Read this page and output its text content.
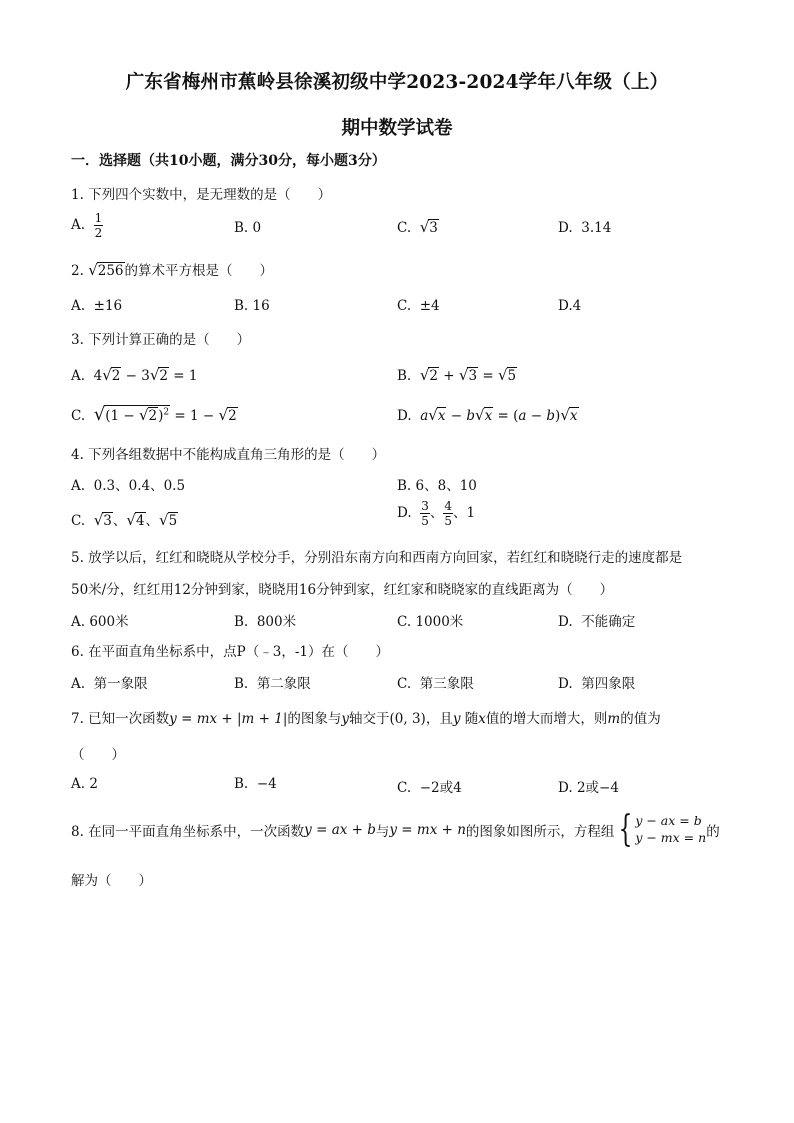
广东省梅州市蕉岭县徐溪初级中学2023-2024学年八年级（上）
期中数学试卷
一．选择题（共10小题，满分30分，每小题3分）
1. 下列四个实数中，是无理数的是（　　）
A. $\frac{1}{2}$	B. 0	C. √3	D. 3.14
2. √256的算术平方根是（　　）
A. ±16	B. 16	C. ±4	D.4
3. 下列计算正确的是（　　）
A.  4√2 − 3√2 = 1	B. √2 + √3 = √5
C. $√(1 - √2)^2 = 1 - √2$	D. a√x − b√x = (a − b)√x
4. 下列各组数据中不能构成直角三角形的是（　　）
A. 0.3、0.4、0.5	B. 6、8、10
C. √3、√4、√5	D. $\frac{3}{5}$ 、 $\frac{4}{5}$ 、1
5. 放学以后，红红和晓晓从学校分手，分别沿东南方向和西南方向回家，若红红和晓晓行走的速度都是
50米/分，红红用12分钟到家，晓晓用16分钟到家，红红家和晓晓家的直线距离为（　　）
A. 600米	B. 800米	C. 1000米	D. 不能确定
6. 在平面直角坐标系中，点P（﹣3，-1）在（　　）
A. 第一象限	B. 第二象限	C. 第三象限	D. 第四象限
7. 已知一次函数y = mx + |m + 1|的图象与y轴交于(0, 3)，且y 随x值的增大而增大，则m的值为
（　　）
A. 2	B. −4	C. −2或4	D. 2或−4
8. 在同一平面直角坐标系中，一次函数y = ax + b与y = mx + n的图象如图所示，方程组 { y − ax = b
y − mx = n 的
解为（　　）
